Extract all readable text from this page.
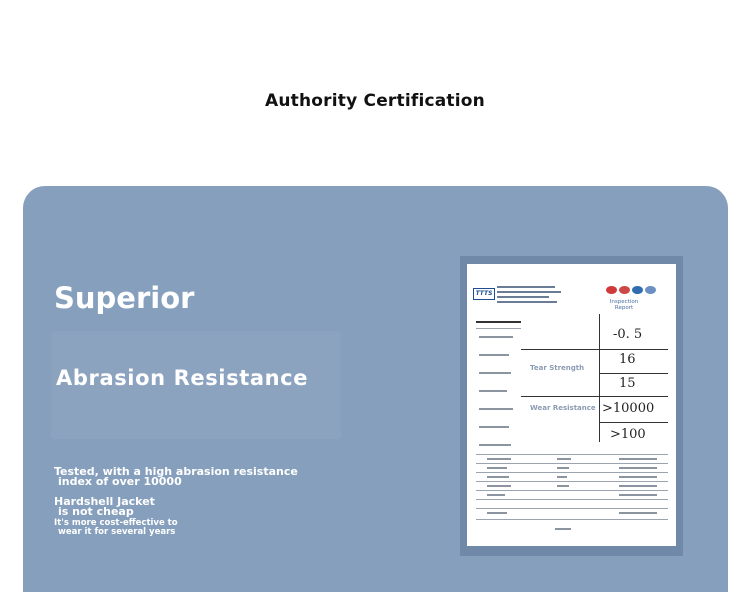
Authority Certification
Superior
Abrasion Resistance
Tested, with a high abrasion resistance
index of over 10000
Hardshell Jacket
is not cheap
It's more cost-effective to
wear it for several years
TTTS
Inspection Report
-0. 5
Tear Strength
16
15
Wear Resistance >10000
>100
